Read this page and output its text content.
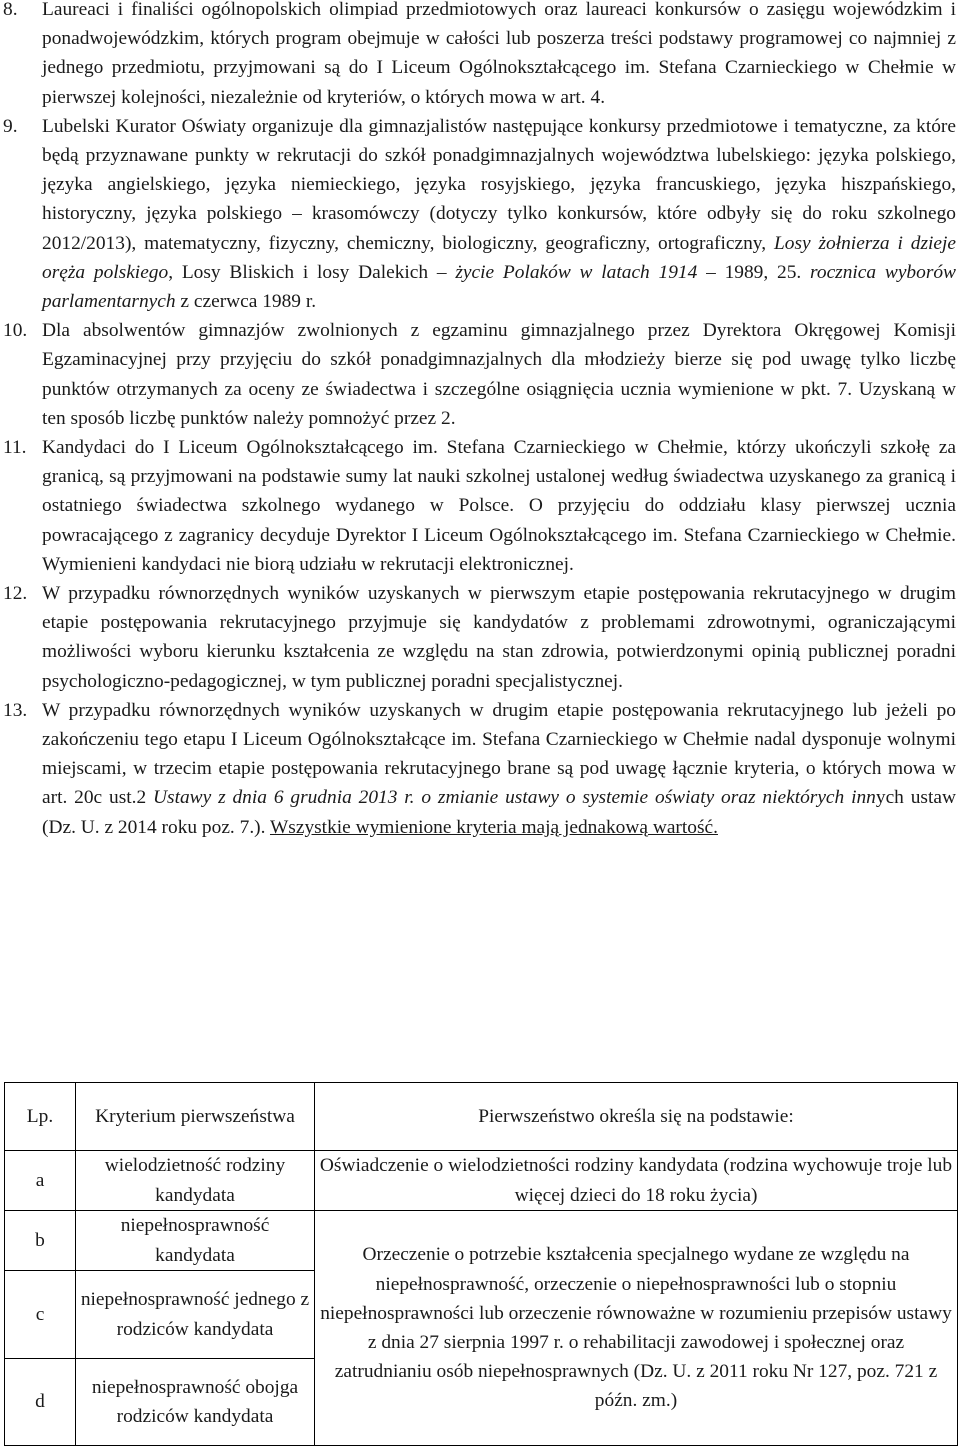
8. Laureaci i finaliści ogólnopolskich olimpiad przedmiotowych oraz laureaci konkursów o zasięgu wojewódzkim i ponadwojewódzkim, których program obejmuje w całości lub poszerza treści podstawy programowej co najmniej z jednego przedmiotu, przyjmowani są do I Liceum Ogólnokształcącego im. Stefana Czarnieckiego w Chełmie w pierwszej kolejności, niezależnie od kryteriów, o których mowa w art. 4.
9. Lubelski Kurator Oświaty organizuje dla gimnazjalistów następujące konkursy przedmiotowe i tematyczne, za które będą przyznawane punkty w rekrutacji do szkół ponadgimnazjalnych województwa lubelskiego: języka polskiego, języka angielskiego, języka niemieckiego, języka rosyjskiego, języka francuskiego, języka hiszpańskiego, historyczny, języka polskiego – krasomówczy (dotyczy tylko konkursów, które odbyły się do roku szkolnego 2012/2013), matematyczny, fizyczny, chemiczny, biologiczny, geograficzny, ortograficzny, Losy żołnierza i dzieje oręża polskiego, Losy Bliskich i losy Dalekich – życie Polaków w latach 1914 – 1989, 25. rocznica wyborów parlamentarnych z czerwca 1989 r.
10. Dla absolwentów gimnazjów zwolnionych z egzaminu gimnazjalnego przez Dyrektora Okręgowej Komisji Egzaminacyjnej przy przyjęciu do szkół ponadgimnazjalnych dla młodzieży bierze się pod uwagę tylko liczbę punktów otrzymanych za oceny ze świadectwa i szczególne osiągnięcia ucznia wymienione w pkt. 7. Uzyskaną w ten sposób liczbę punktów należy pomnożyć przez 2.
11. Kandydaci do I Liceum Ogólnokształcącego im. Stefana Czarnieckiego w Chełmie, którzy ukończyli szkołę za granicą, są przyjmowani na podstawie sumy lat nauki szkolnej ustalonej według świadectwa uzyskanego za granicą i ostatniego świadectwa szkolnego wydanego w Polsce. O przyjęciu do oddziału klasy pierwszej ucznia powracającego z zagranicy decyduje Dyrektor I Liceum Ogólnokształcącego im. Stefana Czarnieckiego w Chełmie. Wymienieni kandydaci nie biorą udziału w rekrutacji elektronicznej.
12. W przypadku równorzędnych wyników uzyskanych w pierwszym etapie postępowania rekrutacyjnego w drugim etapie postępowania rekrutacyjnego przyjmuje się kandydatów z problemami zdrowotnymi, ograniczającymi możliwości wyboru kierunku kształcenia ze względu na stan zdrowia, potwierdzonymi opinią publicznej poradni psychologiczno-pedagogicznej, w tym publicznej poradni specjalistycznej.
13. W przypadku równorzędnych wyników uzyskanych w drugim etapie postępowania rekrutacyjnego lub jeżeli po zakończeniu tego etapu I Liceum Ogólnokształcące im. Stefana Czarnieckiego w Chełmie nadal dysponuje wolnymi miejscami, w trzecim etapie postępowania rekrutacyjnego brane są pod uwagę łącznie kryteria, o których mowa w art. 20c ust.2 Ustawy z dnia 6 grudnia 2013 r. o zmianie ustawy o systemie oświaty oraz niektórych innych ustaw (Dz. U. z 2014 roku poz. 7.). Wszystkie wymienione kryteria mają jednakową wartość.
Lp.	Kryterium pierwszeństwa	Pierwszeństwo określa się na podstawie:
a	wielodzietność rodziny kandydata	Oświadczenie o wielodzietności rodziny kandydata (rodzina wychowuje troje lub więcej dzieci do 18 roku życia)
b	niepełnosprawność kandydata	Orzeczenie o potrzebie kształcenia specjalnego wydane ze względu na niepełnosprawność, orzeczenie o niepełnosprawności lub o stopniu niepełnosprawności lub orzeczenie równoważne w rozumieniu przepisów ustawy z dnia 27 sierpnia 1997 r. o rehabilitacji zawodowej i społecznej oraz zatrudnianiu osób niepełnosprawnych (Dz. U. z 2011 roku Nr 127, poz. 721 z późn. zm.)
c	niepełnosprawność jednego z rodziców kandydata	
d	niepełnosprawność obojga rodziców kandydata	
